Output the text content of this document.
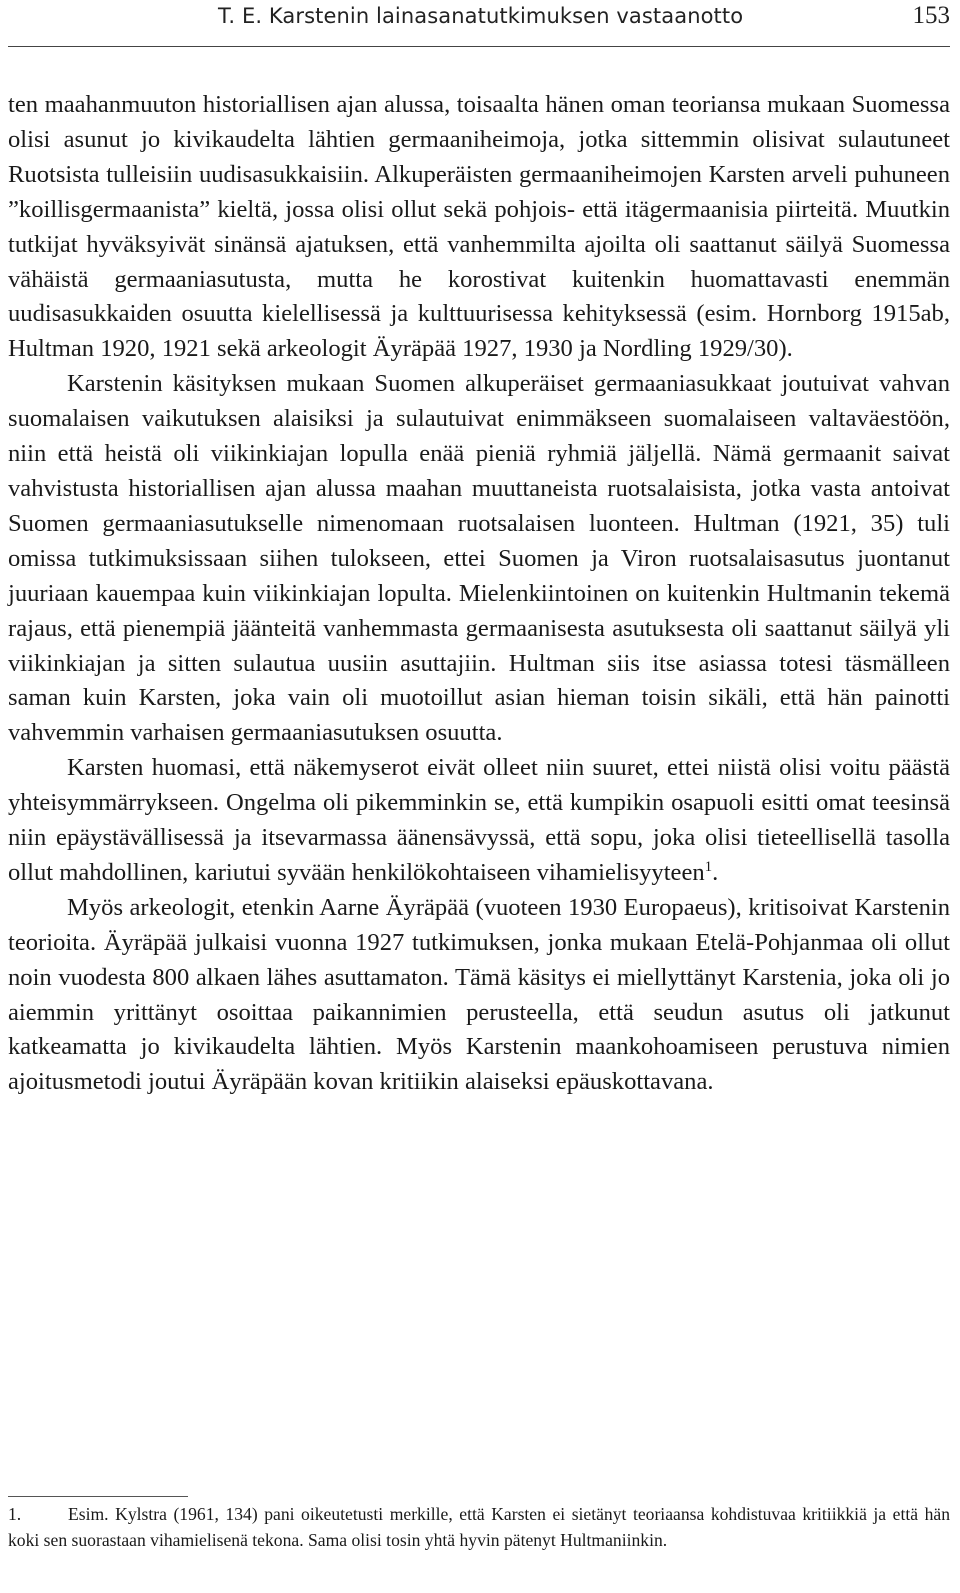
T. E. Karstenin lainasanatutkimuksen vastaanotto	153

ten maahanmuuton historiallisen ajan alussa, toisaalta hänen oman teoriansa mukaan Suomessa olisi asunut jo kivikaudelta lähtien germaaniheimoja, jotka sittemmin olisivat sulautuneet Ruotsista tulleisiin uudisasukkaisiin. Alkuperäisten germaaniheimojen Karsten arveli puhuneen ”koillisgermaanista” kieltä, jossa olisi ollut sekä pohjois- että itägermaanisia piirteitä. Muutkin tutkijat hyväksyivät sinänsä ajatuksen, että vanhemmilta ajoilta oli saattanut säilyä Suomessa vähäistä germaaniasutusta, mutta he korostivat kuitenkin huomattavasti enemmän uudisasukkaiden osuutta kielellisessä ja kulttuurisessa kehityksessä (esim. Hornborg 1915ab, Hultman 1920, 1921 sekä arkeologit Äyräpää 1927, 1930 ja Nordling 1929/30).

Karstenin käsityksen mukaan Suomen alkuperäiset germaaniasukkaat joutuivat vahvan suomalaisen vaikutuksen alaisiksi ja sulautuivat enimmäkseen suomalaiseen valtaväestöön, niin että heistä oli viikinkiajan lopulla enää pieniä ryhmiä jäljellä. Nämä germaanit saivat vahvistusta historiallisen ajan alussa maahan muuttaneista ruotsalaisista, jotka vasta antoivat Suomen germaaniasutukselle nimenomaan ruotsalaisen luonteen. Hultman (1921, 35) tuli omissa tutkimuksissaan siihen tulokseen, ettei Suomen ja Viron ruotsalaisasutus juontanut juuriaan kauempaa kuin viikinkiajan lopulta. Mielenkiintoinen on kuitenkin Hultmanin tekemä rajaus, että pienempiä jäänteitä vanhemmasta germaanisesta asutuksesta oli saattanut säilyä yli viikinkiajan ja sitten sulautua uusiin asuttajiin. Hultman siis itse asiassa totesi täsmälleen saman kuin Karsten, joka vain oli muotoillut asian hieman toisin sikäli, että hän painotti vahvemmin varhaisen germaaniasutuksen osuutta.

Karsten huomasi, että näkemyserot eivät olleet niin suuret, ettei niistä olisi voitu päästä yhteisymmärrykseen. Ongelma oli pikemminkin se, että kumpikin osapuoli esitti omat teesinsä niin epäystävällisessä ja itsevarmassa äänensävyssä, että sopu, joka olisi tieteellisellä tasolla ollut mahdollinen, kariutui syvään henkilökohtaiseen vihamielisyyteen$^1$.

Myös arkeologit, etenkin Aarne Äyräpää (vuoteen 1930 Europaeus), kritisoivat Karstenin teorioita. Äyräpää julkaisi vuonna 1927 tutkimuksen, jonka mukaan Etelä-Pohjanmaa oli ollut noin vuodesta 800 alkaen lähes asuttamaton. Tämä käsitys ei miellyttänyt Karstenia, joka oli jo aiemmin yrittänyt osoittaa paikannimien perusteella, että seudun asutus oli jatkunut katkeamatta jo kivikaudelta lähtien. Myös Karstenin maankohoamiseen perustuva nimien ajoitusmetodi joutui Äyräpään kovan kritiikin alaiseksi epäuskottavana.

1.	Esim. Kylstra (1961, 134) pani oikeutetusti merkille, että Karsten ei sietänyt teoriaansa kohdistuvaa kritiikkiä ja että hän koki sen suorastaan vihamielisenä tekona. Sama olisi tosin yhtä hyvin pätenyt Hultmaniinkin.
